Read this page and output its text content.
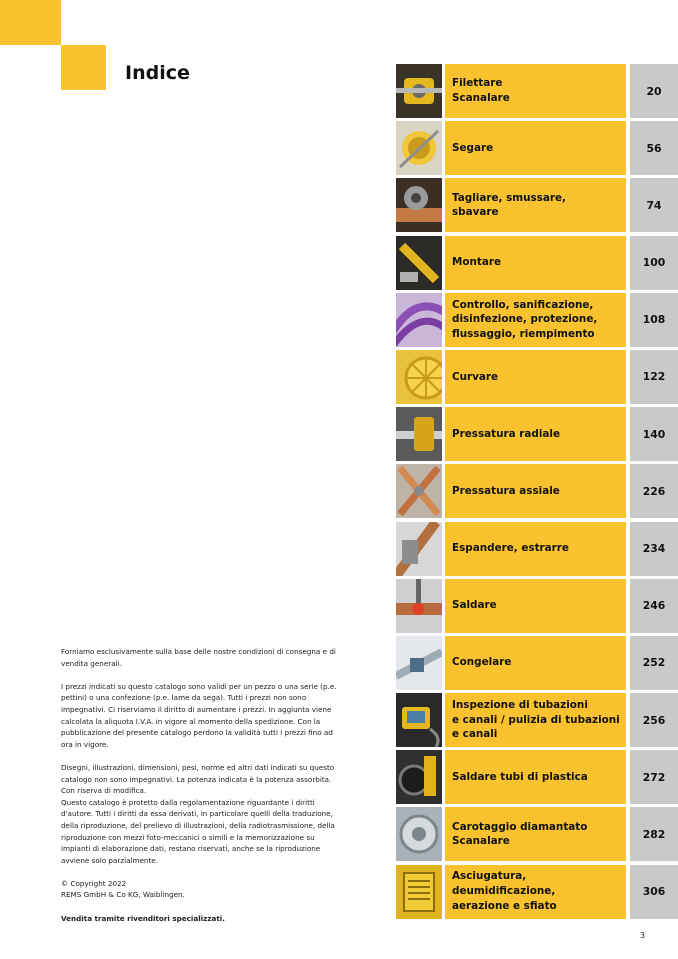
Indice

Forniamo esclusivamente sulla base delle nostre condizioni di consegna e di vendita generali.

I prezzi indicati su questo catalogo sono validi per un pezzo o una serie (p.e. pettini) o una confezione (p.e. lame da sega). Tutti i prezzi non sono impegnativi. Ci riserviamo il diritto di aumentare i prezzi. In aggiunta viene calcolata la aliquota I.V.A. in vigore al momento della spedizione. Con la pubblicazione del presente catalogo perdono la validità tutti i prezzi fino ad ora in vigore.

Disegni, illustrazioni, dimensioni, pesi, norme ed altri dati indicati su questo catalogo non sono impegnativi. La potenza indicata è la potenza assorbita. Con riserva di modifica.
Questo catalogo è protetto dalla regolamentazione riguardante i diritti d'autore. Tutti i diritti da essa derivati, in particolare quelli della traduzione, della riproduzione, del prelievo di illustrazioni, della radiotrasmissione, della riproduzione con mezzi foto-meccanici o simili e la memorizzazione su impianti di elaborazione dati, restano riservati, anche se la riproduzione avviene solo parzialmente.

© Copyright 2022
REMS GmbH & Co KG, Waiblingen.

Vendita tramite rivenditori specializzati.

Filettare
Scanalare
20
Segare	56
Tagliare, smussare,
sbavare
74
Montare	100
Controllo, sanificazione,
disinfezione, protezione,
flussaggio, riempimento
108
Curvare	122
Pressatura radiale	140
Pressatura assiale	226
Espandere, estrarre	234
Saldare	246
Congelare	252
Inspezione di tubazioni
e canali / pulizia di tubazioni
e canali
256
Saldare tubi di plastica	272
Carotaggio diamantato
Scanalare
282
Asciugatura, deumidificazione,
aerazione e sfiato
306
3
